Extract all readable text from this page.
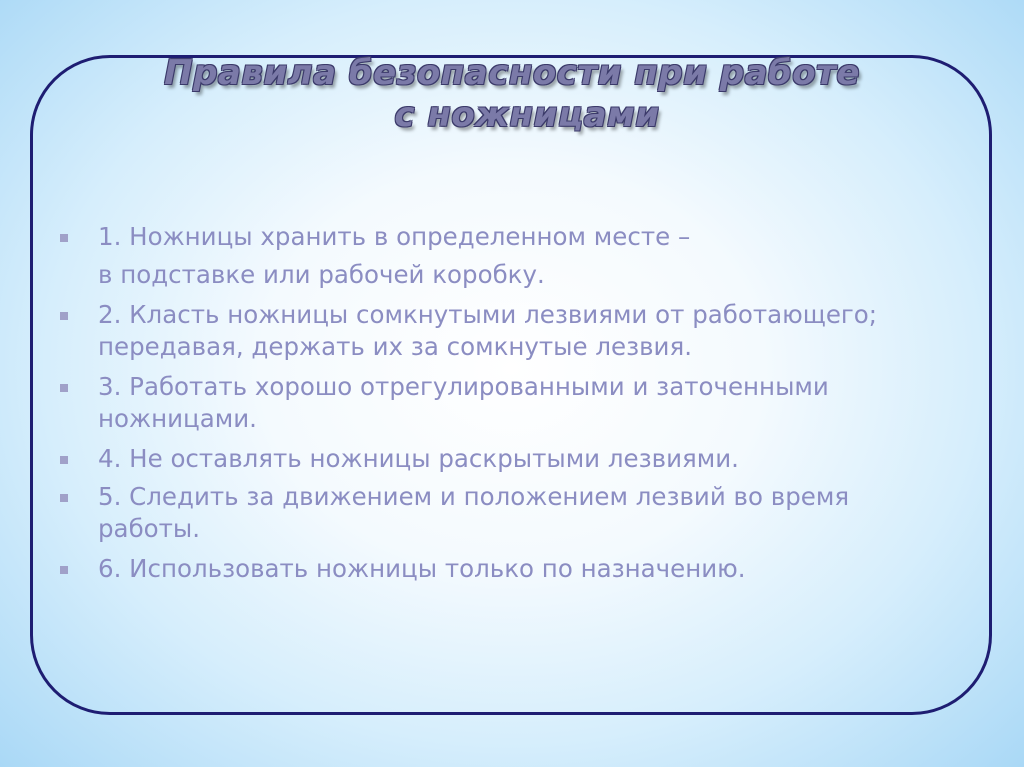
Правила безопасности при работе
с ножницами
1. Ножницы хранить в определенном месте –
в подставке или рабочей коробку.
2. Класть ножницы сомкнутыми лезвиями от работающего; передавая, держать их за сомкнутые лезвия.
3. Работать хорошо отрегулированными и заточенными ножницами.
4. Не оставлять ножницы раскрытыми лезвиями.
5. Следить за движением и положением лезвий во время работы.
6. Использовать ножницы только по назначению.
